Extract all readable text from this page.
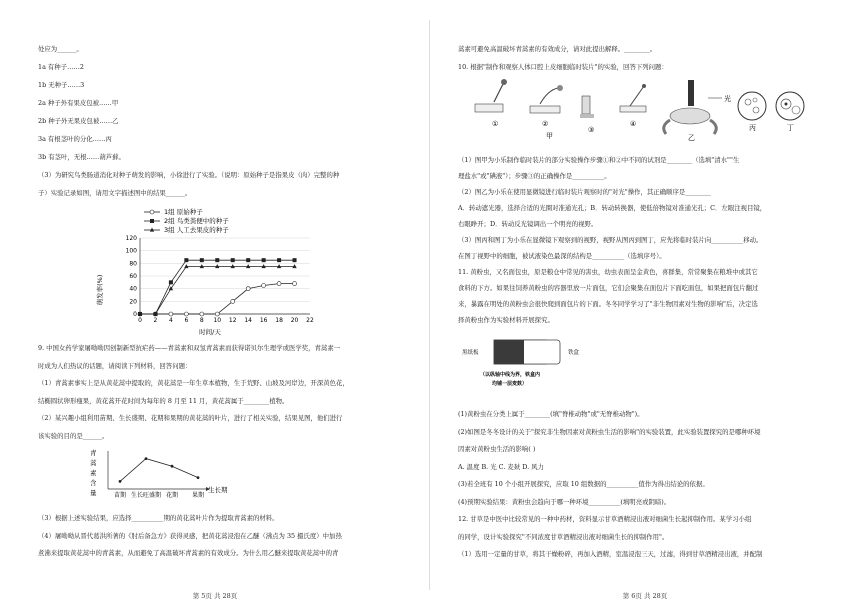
处应为______。
1a 有种子……2
1b 无种子……3
2a 种子外有果皮包被……甲
2b 种子外无果皮包被……乙
3a 有根茎叶的分化……丙
3b 有茎叶，无根……葫芦藓。
（3）为研究鸟类肠道消化对种子萌发的影响，小徐进行了实验。（说明：原始种子是指果皮（肉）完整的种
子）实验记录如图，请用文字描述图中的结果______。
1组 原始种子
2组 鸟类粪便中的种子
3组 人工去果皮的种子
0
20
40
60
80
100
120
0 2 4 6 8 10 12 14 16 18 20 22
萌发率(%)
时间/天
9. 中国女药学家屠呦呦因创制新型抗疟药——青蒿素和双氢青蒿素而获得诺贝尔生理学或医学奖，青蒿素一
时成为人们热议的话题，请阅读下列材料，回答问题：
（1）青蒿素事实上是从黄花蒿中提取的，黄花蒿是一年生草本植物，生于荒野、山坡及河岸边，开深黄色花，
结椭圆状卵形瘦果，黄花蒿开花时间为每年的 8 月至 11 月，黄花蒿属于________植物。
（2）某兴趣小组利用苗期、生长盛期、花期和果期的黄花蒿的叶片，进行了相关实验，结果见图，他们进行
该实验的目的是______。
青蒿素含量	苗期 生长旺盛期 花期 果期
生长期
（3）根据上述实验结果，应选择__________期的黄花蒿叶片作为提取青蒿素的材料。
（4）屠呦呦从晋代葛洪所著的《肘后备急方》获得灵感，把黄花蒿浸泡在乙醚（沸点为 35 摄氏度）中加热
煮沸来提取黄花蒿中的青蒿素，从而避免了高温破坏青蒿素的有效成分。为什么用乙醚来提取黄花蒿中的青
第 5页 共 28页
蒿素可避免高温破坏青蒿素的有效成分，请对此提出解释。________。
10. 根据"制作和观察人体口腔上皮细胞临时装片"的实验，回答下列问题：
①	②
甲
③
④
光
乙
丙	丁
（1）图甲为小乐制作临时装片的部分实验操作步骤①和②中不同的试剂是________（选填"清水""生
理盐水"或"碘液"）；步骤③的正确操作是__________。
（2）图乙为小乐在使用显微镜进行临时装片观察时的"对光"操作，其正确顺序是________
A．转动遮光器，选择合适的光圈对准通光孔；B．转动转换器，使低倍物镜对准通光孔；C．左眼注视目镜，
右眼睁开；D．转动反光镜调出一个明亮的视野。
（3）图丙和图丁为小乐在显微镜下观察到的视野，视野从图丙到图丁，应先将临时装片向__________移动。
在图丁视野中的细胞，被试液染色最深的结构是__________（选填序号）。
11. 黄粉虫，又名面包虫，原是粮仓中常见的害虫，幼虫表面呈金黄色，喜群集，常常聚集在粮堆中或其它
食料的下方。如果往饲养黄粉虫的容器里放一片面包，它们会聚集在面包片下面吃面包，如果把面包片翻过
来，暴露在明处的黄粉虫会很快爬到面包片的下面。冬冬同学学习了"非生物因素对生物的影响"后，决定选
择黄粉虫作为实验材料开展探究。
黑纸板	铁盒
（以纵轴中线为界，铁盒内
均铺一层麦麸）
(1)黄粉虫在分类上属于________(填"脊椎动物"或"无脊椎动物")。
(2)如图是冬冬设计的关于"探究非生物因素对黄粉虫生活的影响"的实验装置，此实验装置探究的是哪种环境
因素对黄粉虫生活的影响( )
A. 温度 B. 光 C. 麦麸 D. 风力
(3)若全班有 10 个小组开展探究，应取 10 组数据的__________值作为得出结论的依据。
(4)预期实验结果：黄粉虫会趋向于哪一种环境__________(填明亮或阴暗)。
12. 甘草是中医中比较常见的一种中药材，资料显示甘草酒精浸出液对细菌生长起抑制作用。某学习小组
的同学，设计实验探究"不同浓度甘草酒精浸出液对细菌生长的抑制作用"。
（1）选用一定量的甘草，将其干燥粉碎，再加入酒精，室温浸泡三天，过滤，得到甘草酒精浸出液，并配制
第 6页 共 28页
